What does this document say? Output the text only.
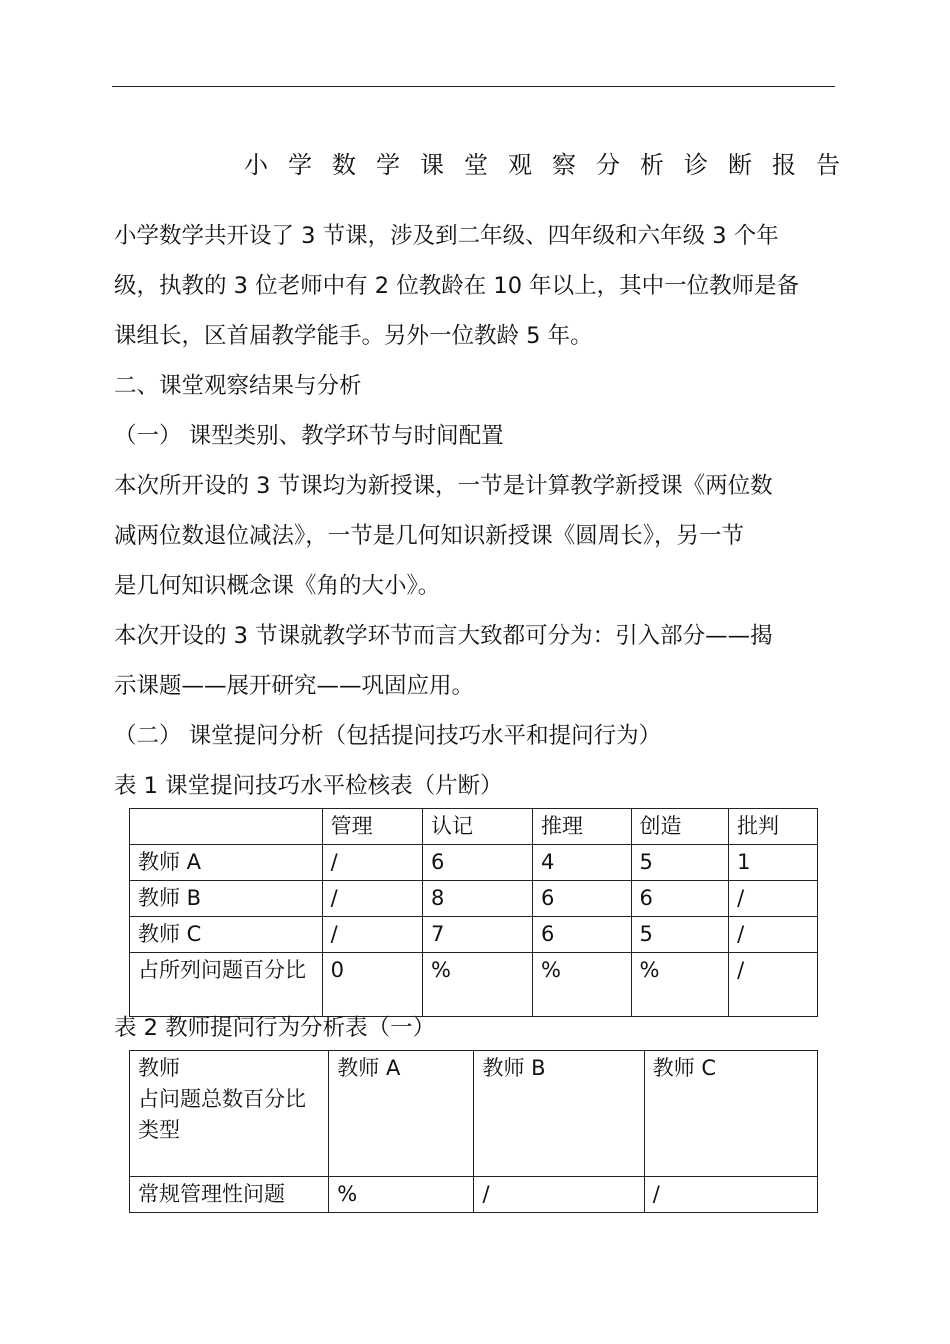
小学数学课堂观察分析诊断报告
小学数学共开设了 3 节课，涉及到二年级、四年级和六年级 3 个年
级，执教的 3 位老师中有 2 位教龄在 10 年以上，其中一位教师是备
课组长，区首届教学能手。另外一位教龄 5 年。
二、课堂观察结果与分析
（一） 课型类别、教学环节与时间配置
本次所开设的 3 节课均为新授课，一节是计算教学新授课《两位数
减两位数退位减法》，一节是几何知识新授课《圆周长》，另一节
是几何知识概念课《角的大小》。
本次开设的 3 节课就教学环节而言大致都可分为：引入部分——揭
示课题——展开研究——巩固应用。
（二） 课堂提问分析（包括提问技巧水平和提问行为）
表 1 课堂提问技巧水平检核表（片断）
	管理	认记	推理	创造	批判
教师 A	/	6	4	5	1
教师 B	/	8	6	6	/
教师 C	/	7	6	5	/
占所列问题百分比	0	%	%	%	/
表 2 教师提问行为分析表（一）
教师
占问题总数百分比
类型	教师 A	教师 B	教师 C
常规管理性问题	%	/	/
